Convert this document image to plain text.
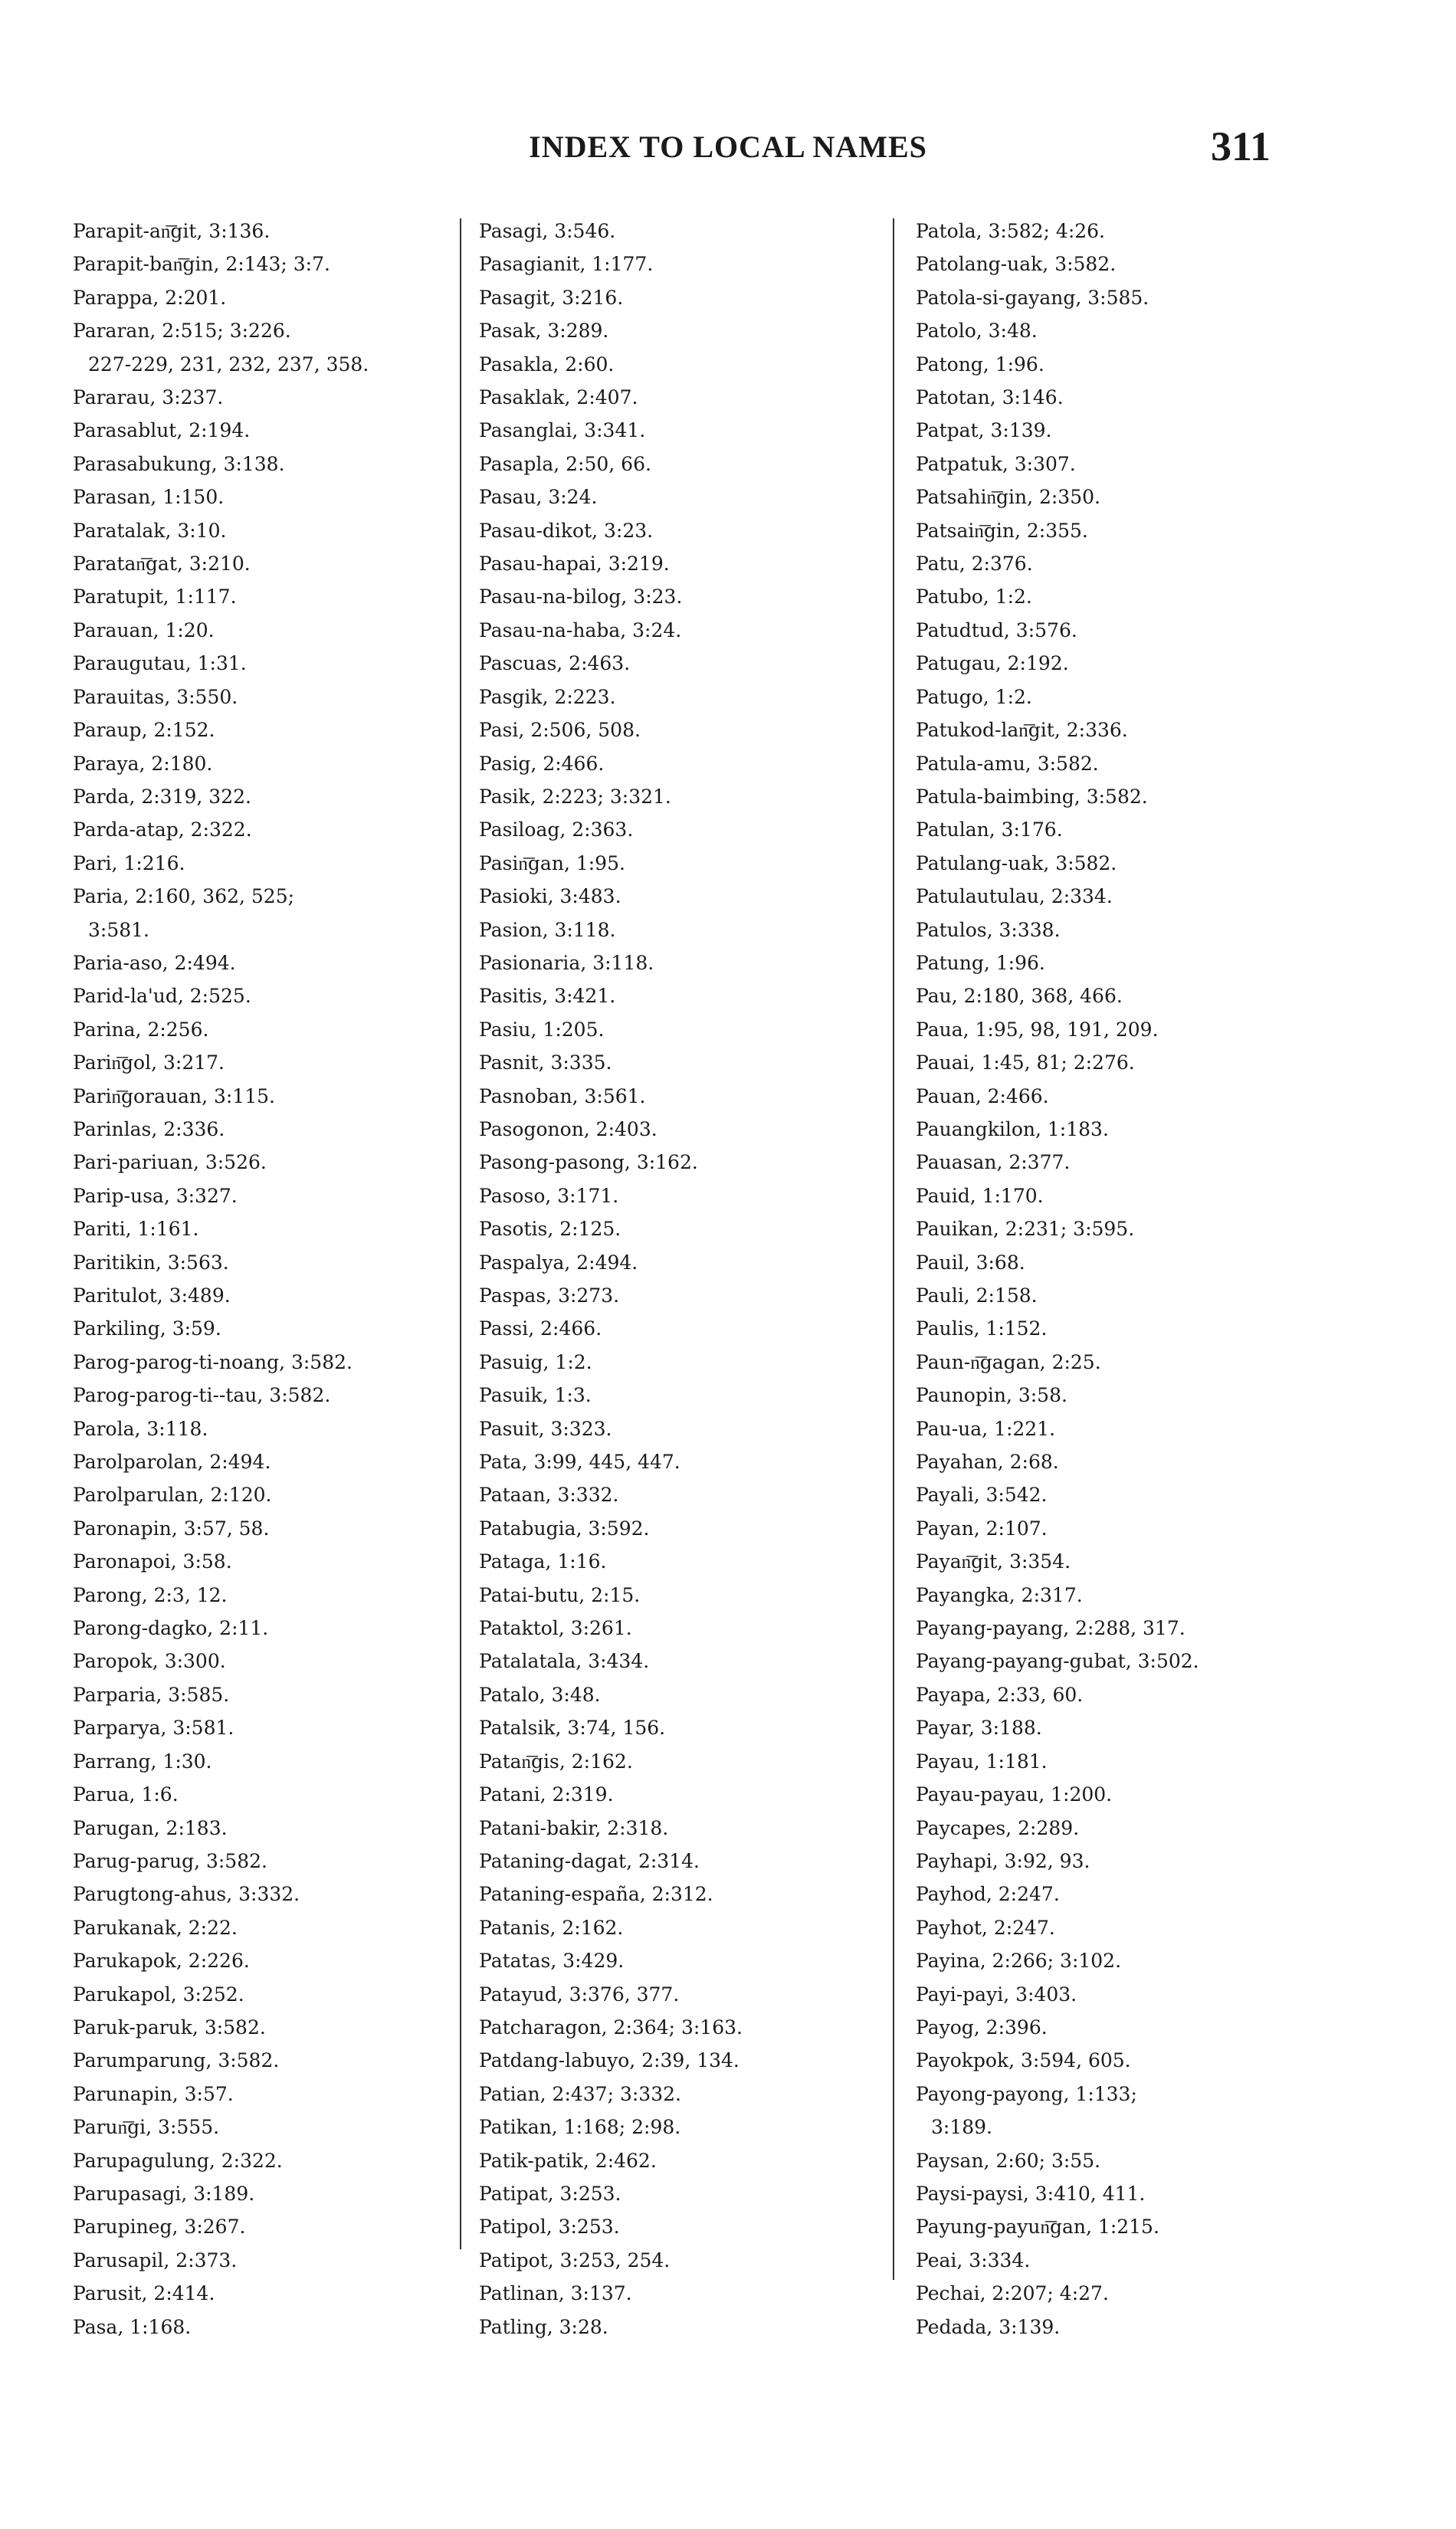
INDEX TO LOCAL NAMES	311
Parapit-an͞git, 3:136.
Parapit-ban͞gin, 2:143; 3:7.
Parappa, 2:201.
Pararan, 2:515; 3:226.
227-229, 231, 232, 237, 358.
Pararau, 3:237.
Parasablut, 2:194.
Parasabukung, 3:138.
Parasan, 1:150.
Paratalak, 3:10.
Paratan͞gat, 3:210.
Paratupit, 1:117.
Parauan, 1:20.
Paraugutau, 1:31.
Parauitas, 3:550.
Paraup, 2:152.
Paraya, 2:180.
Parda, 2:319, 322.
Parda-atap, 2:322.
Pari, 1:216.
Paria, 2:160, 362, 525;
3:581.
Paria-aso, 2:494.
Parid-la'ud, 2:525.
Parina, 2:256.
Parin͞gol, 3:217.
Parin͞gorauan, 3:115.
Parinlas, 2:336.
Pari-pariuan, 3:526.
Parip-usa, 3:327.
Pariti, 1:161.
Paritikin, 3:563.
Paritulot, 3:489.
Parkiling, 3:59.
Parog-parog-ti-noang, 3:582.
Parog-parog-ti--tau, 3:582.
Parola, 3:118.
Parolparolan, 2:494.
Parolparulan, 2:120.
Paronapin, 3:57, 58.
Paronapoi, 3:58.
Parong, 2:3, 12.
Parong-dagko, 2:11.
Paropok, 3:300.
Parparia, 3:585.
Parparya, 3:581.
Parrang, 1:30.
Parua, 1:6.
Parugan, 2:183.
Parug-parug, 3:582.
Parugtong-ahus, 3:332.
Parukanak, 2:22.
Parukapok, 2:226.
Parukapol, 3:252.
Paruk-paruk, 3:582.
Parumparung, 3:582.
Parunapin, 3:57.
Parun͞gi, 3:555.
Parupagulung, 2:322.
Parupasagi, 3:189.
Parupineg, 3:267.
Parusapil, 2:373.
Parusit, 2:414.
Pasa, 1:168.
Pasagi, 3:546.
Pasagianit, 1:177.
Pasagit, 3:216.
Pasak, 3:289.
Pasakla, 2:60.
Pasaklak, 2:407.
Pasanglai, 3:341.
Pasapla, 2:50, 66.
Pasau, 3:24.
Pasau-dikot, 3:23.
Pasau-hapai, 3:219.
Pasau-na-bilog, 3:23.
Pasau-na-haba, 3:24.
Pascuas, 2:463.
Pasgik, 2:223.
Pasi, 2:506, 508.
Pasig, 2:466.
Pasik, 2:223; 3:321.
Pasiloag, 2:363.
Pasin͞gan, 1:95.
Pasioki, 3:483.
Pasion, 3:118.
Pasionaria, 3:118.
Pasitis, 3:421.
Pasiu, 1:205.
Pasnit, 3:335.
Pasnoban, 3:561.
Pasogonon, 2:403.
Pasong-pasong, 3:162.
Pasoso, 3:171.
Pasotis, 2:125.
Paspalya, 2:494.
Paspas, 3:273.
Passi, 2:466.
Pasuig, 1:2.
Pasuik, 1:3.
Pasuit, 3:323.
Pata, 3:99, 445, 447.
Pataan, 3:332.
Patabugia, 3:592.
Pataga, 1:16.
Patai-butu, 2:15.
Pataktol, 3:261.
Patalatala, 3:434.
Patalo, 3:48.
Patalsik, 3:74, 156.
Patan͞gis, 2:162.
Patani, 2:319.
Patani-bakir, 2:318.
Pataning-dagat, 2:314.
Pataning-españa, 2:312.
Patanis, 2:162.
Patatas, 3:429.
Patayud, 3:376, 377.
Patcharagon, 2:364; 3:163.
Patdang-labuyo, 2:39, 134.
Patian, 2:437; 3:332.
Patikan, 1:168; 2:98.
Patik-patik, 2:462.
Patipat, 3:253.
Patipol, 3:253.
Patipot, 3:253, 254.
Patlinan, 3:137.
Patling, 3:28.
Patola, 3:582; 4:26.
Patolang-uak, 3:582.
Patola-si-gayang, 3:585.
Patolo, 3:48.
Patong, 1:96.
Patotan, 3:146.
Patpat, 3:139.
Patpatuk, 3:307.
Patsahin͞gin, 2:350.
Patsain͞gin, 2:355.
Patu, 2:376.
Patubo, 1:2.
Patudtud, 3:576.
Patugau, 2:192.
Patugo, 1:2.
Patukod-lan͞git, 2:336.
Patula-amu, 3:582.
Patula-baimbing, 3:582.
Patulan, 3:176.
Patulang-uak, 3:582.
Patulautulau, 2:334.
Patulos, 3:338.
Patung, 1:96.
Pau, 2:180, 368, 466.
Paua, 1:95, 98, 191, 209.
Pauai, 1:45, 81; 2:276.
Pauan, 2:466.
Pauangkilon, 1:183.
Pauasan, 2:377.
Pauid, 1:170.
Pauikan, 2:231; 3:595.
Pauil, 3:68.
Pauli, 2:158.
Paulis, 1:152.
Paun-n͞gagan, 2:25.
Paunopin, 3:58.
Pau-ua, 1:221.
Payahan, 2:68.
Payali, 3:542.
Payan, 2:107.
Payan͞git, 3:354.
Payangka, 2:317.
Payang-payang, 2:288, 317.
Payang-payang-gubat, 3:502.
Payapa, 2:33, 60.
Payar, 3:188.
Payau, 1:181.
Payau-payau, 1:200.
Paycapes, 2:289.
Payhapi, 3:92, 93.
Payhod, 2:247.
Payhot, 2:247.
Payina, 2:266; 3:102.
Payi-payi, 3:403.
Payog, 2:396.
Payokpok, 3:594, 605.
Payong-payong, 1:133;
3:189.
Paysan, 2:60; 3:55.
Paysi-paysi, 3:410, 411.
Payung-payun͞gan, 1:215.
Peai, 3:334.
Pechai, 2:207; 4:27.
Pedada, 3:139.
